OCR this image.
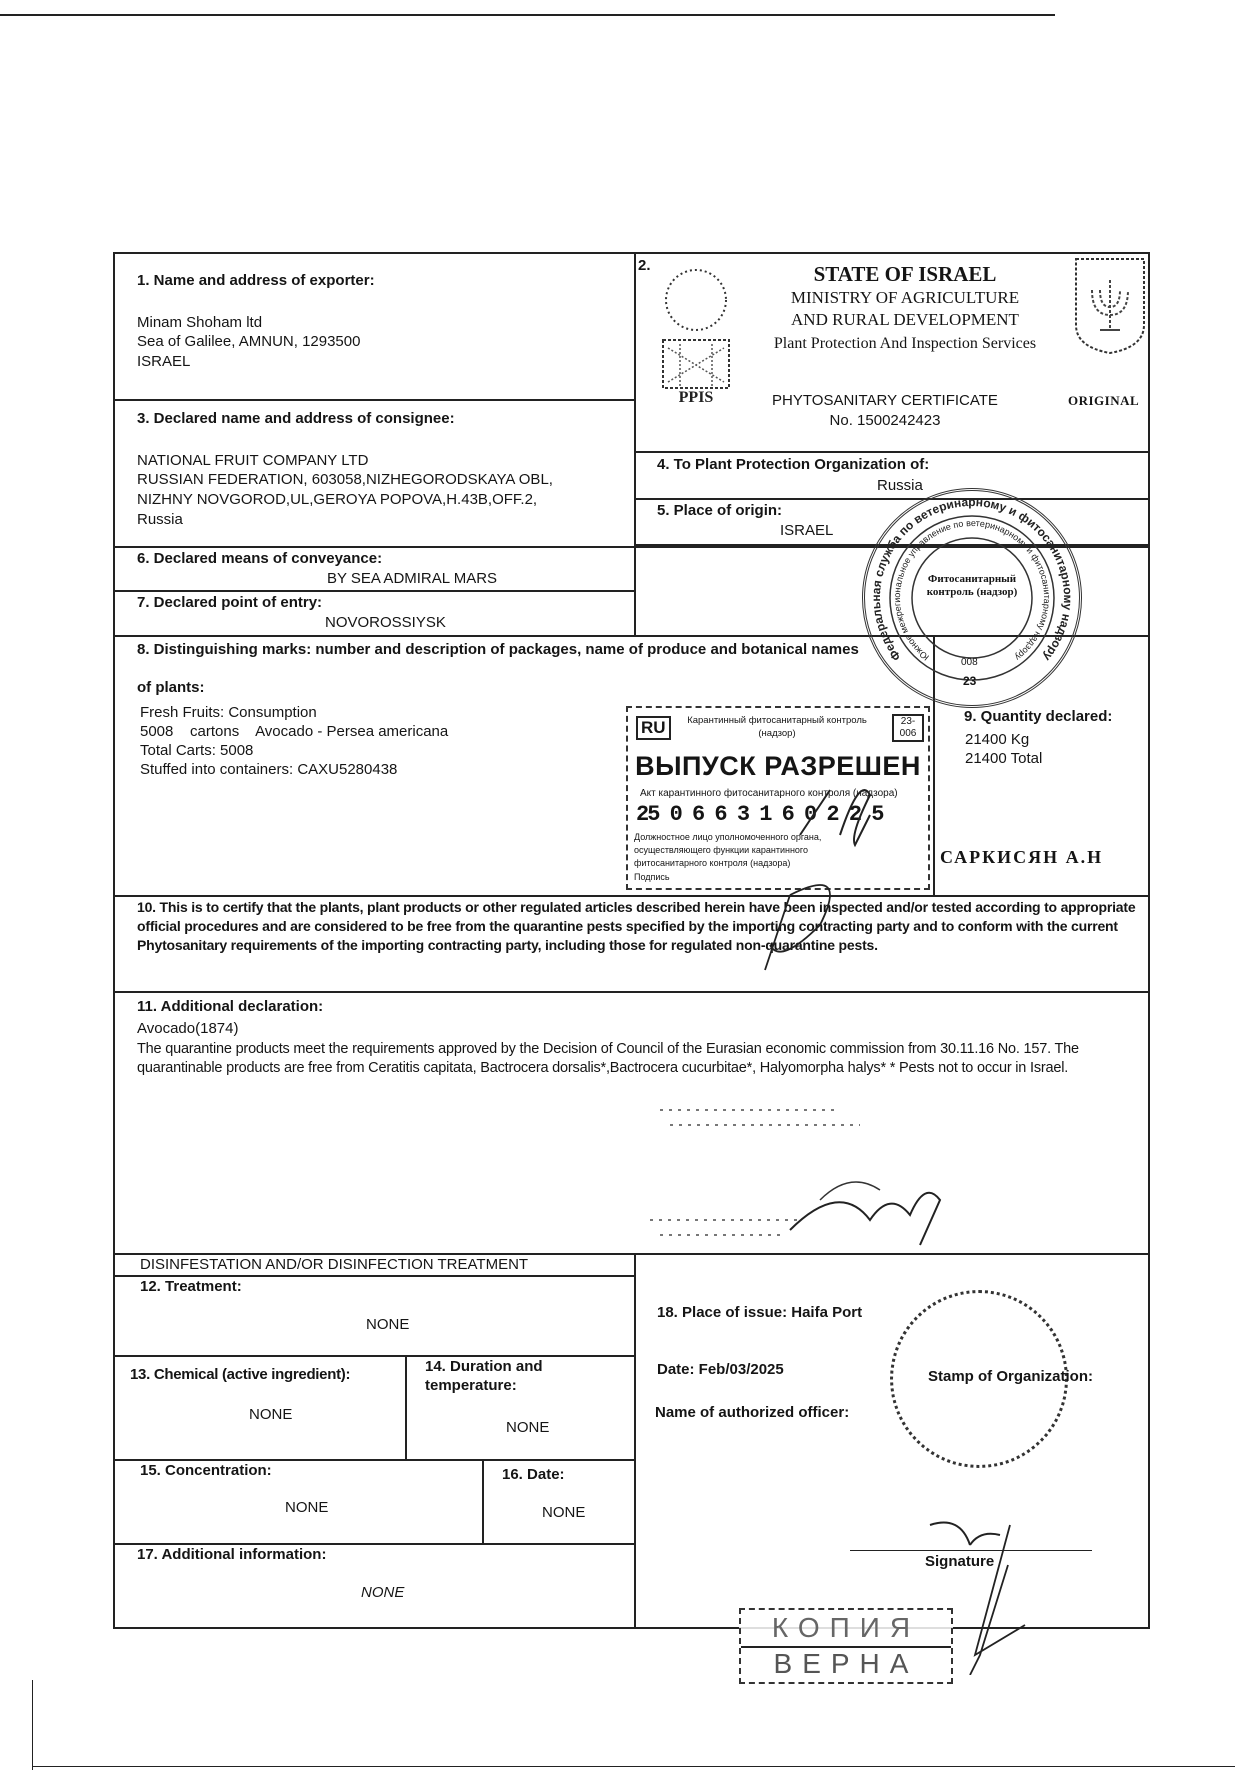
1. Name and address of exporter:
Minam Shoham ltd
Sea of Galilee, AMNUN, 1293500
ISRAEL
3. Declared name and address of consignee:
NATIONAL FRUIT COMPANY LTD
RUSSIAN FEDERATION, 603058,NIZHEGORODSKAYA OBL,
NIZHNY NOVGOROD,UL,GEROYA POPOVA,H.43B,OFF.2,
Russia
6. Declared means of conveyance:
BY SEA ADMIRAL MARS
7. Declared point of entry:
NOVOROSSIYSK
2.
PPIS
STATE OF ISRAEL
MINISTRY OF AGRICULTURE
AND RURAL DEVELOPMENT
Plant Protection And Inspection Services
PHYTOSANITARY CERTIFICATE
No. 1500242423
ORIGINAL
4. To Plant Protection Organization of:
Russia
5. Place of origin:
ISRAEL
8. Distinguishing marks: number and description of packages, name of produce and botanical names
of plants:
Fresh Fruits: Consumption
5008    cartons    Avocado - Persea americana
Total Carts: 5008
Stuffed into containers: CAXU5280438
9. Quantity declared:
21400 Kg
21400 Total
10. This is to certify that the plants, plant products or other regulated articles described herein have been inspected and/or tested according to appropriate official procedures and are considered to be free from the quarantine pests specified by the importing contracting party and to conform with the current Phytosanitary requirements of the importing contracting party, including those for regulated non-quarantine pests.
11. Additional declaration:
Avocado(1874)
The quarantine products meet the requirements approved by the Decision of Council of the Eurasian economic commission from 30.11.16 No. 157. The quarantinable products are free from Ceratitis capitata, Bactrocera dorsalis*,Bactrocera cucurbitae*, Halyomorpha halys* * Pests not to occur in Israel.
DISINFESTATION AND/OR DISINFECTION TREATMENT
12. Treatment:
NONE
13. Chemical (active ingredient):
NONE
14. Duration and
temperature:
NONE
15. Concentration:
NONE
16. Date:
NONE
17. Additional information:
NONE
18. Place of issue: Haifa Port
Date: Feb/03/2025
Name of authorized officer:
Stamp of Organization:
Signature
Федеральная служба по ветеринарному и фитосанитарному надзору
Южное межрегиональное управление по ветеринарному и фитосанитарному надзору
Фитосанитарный контроль (надзор)
008
23
RU	Карантинный фитосанитарный контроль (надзор)
23-006
ВЫПУСК РАЗРЕШЕН
Акт карантинного фитосанитарного контроля (надзора)
25 0 6 6 3 1 6 0 2 2 5
Должностное лицо уполномоченного органа,
осуществляющего функции карантинного
фитосанитарного контроля (надзора)
Подпись
САРКИСЯН А.Н
КОПИЯ
ВЕРНА
